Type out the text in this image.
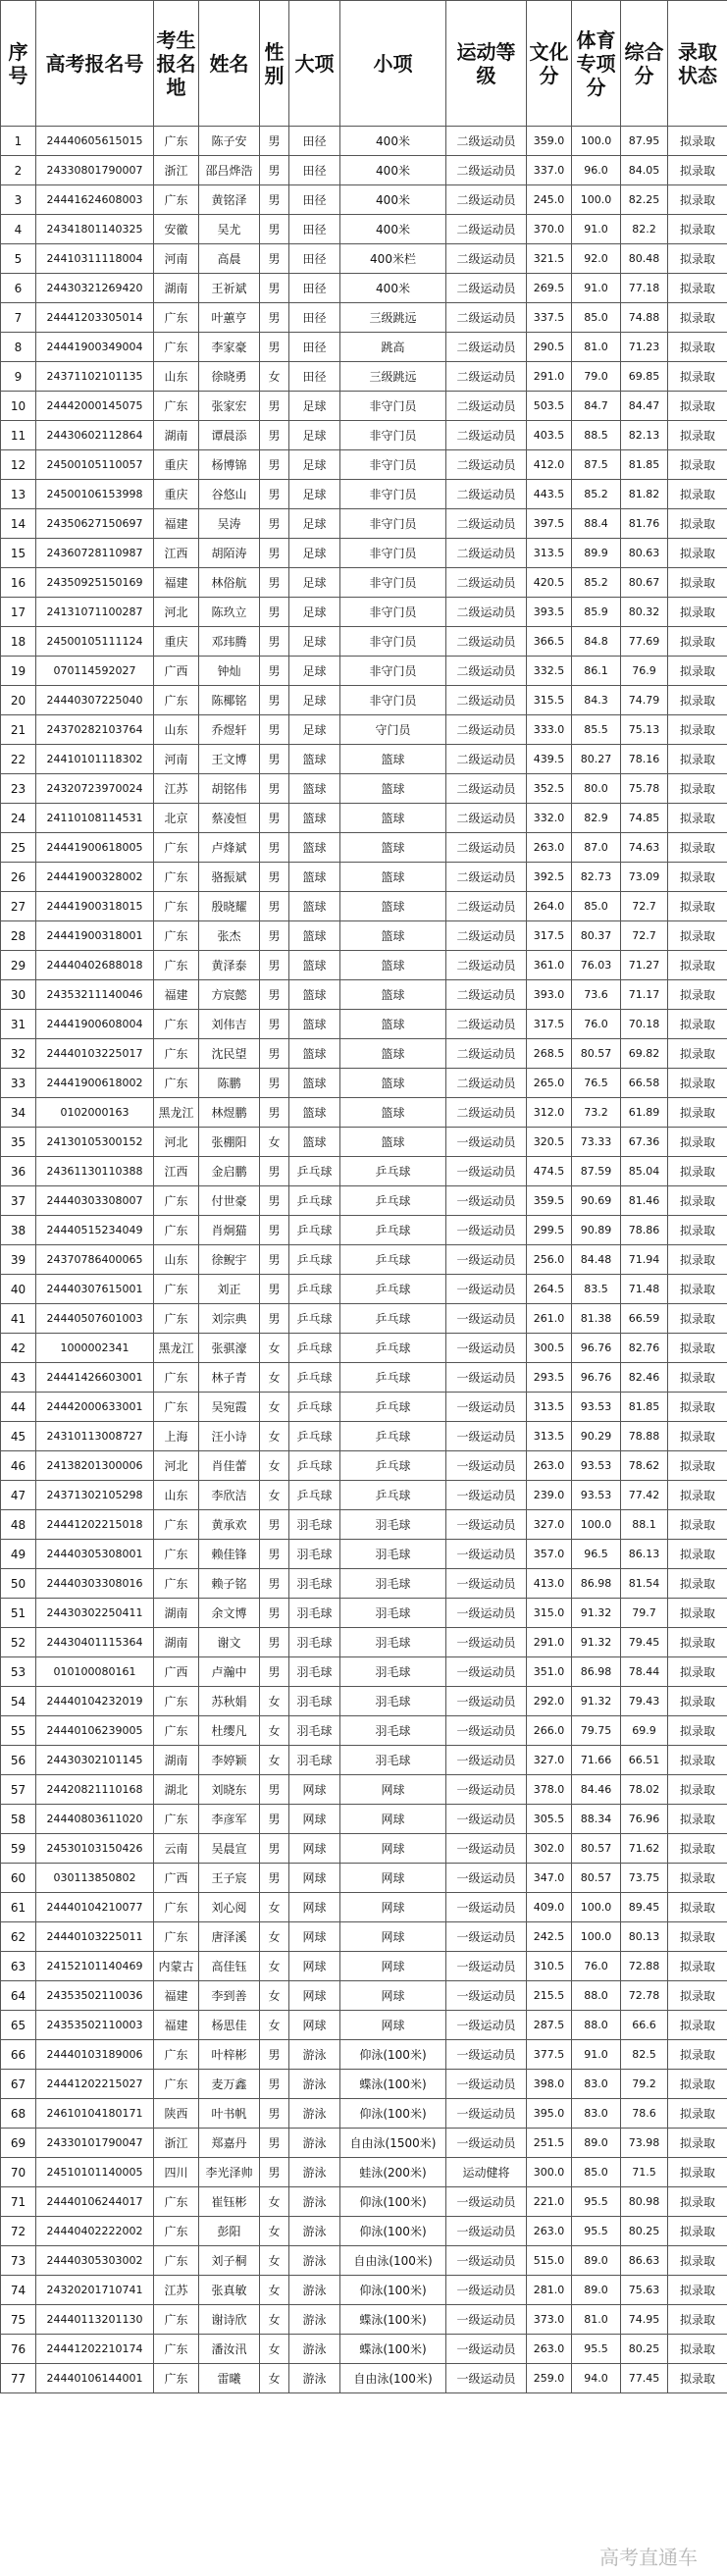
序号	高考报名号	考生报名地	姓名	性别	大项	小项	运动等级	文化分	体育专项分	综合分	录取状态
1	24440605615015	广东	陈子安	男	田径	400米	二级运动员	359.0	100.0	87.95	拟录取
2	24330801790007	浙江	邵吕烨浩	男	田径	400米	二级运动员	337.0	96.0	84.05	拟录取
3	24441624608003	广东	黄铭泽	男	田径	400米	二级运动员	245.0	100.0	82.25	拟录取
4	24341801140325	安徽	吴尤	男	田径	400米	二级运动员	370.0	91.0	82.2	拟录取
5	24410311118004	河南	高晨	男	田径	400米栏	二级运动员	321.5	92.0	80.48	拟录取
6	24430321269420	湖南	王祈斌	男	田径	400米	二级运动员	269.5	91.0	77.18	拟录取
7	24441203305014	广东	叶蕙亨	男	田径	三级跳远	二级运动员	337.5	85.0	74.88	拟录取
8	24441900349004	广东	李家豪	男	田径	跳高	二级运动员	290.5	81.0	71.23	拟录取
9	24371102101135	山东	徐晓勇	女	田径	三级跳远	二级运动员	291.0	79.0	69.85	拟录取
10	24442000145075	广东	张家宏	男	足球	非守门员	二级运动员	503.5	84.7	84.47	拟录取
11	24430602112864	湖南	谭晨添	男	足球	非守门员	二级运动员	403.5	88.5	82.13	拟录取
12	24500105110057	重庆	杨博锦	男	足球	非守门员	二级运动员	412.0	87.5	81.85	拟录取
13	24500106153998	重庆	谷悠山	男	足球	非守门员	二级运动员	443.5	85.2	81.82	拟录取
14	24350627150697	福建	吴涛	男	足球	非守门员	二级运动员	397.5	88.4	81.76	拟录取
15	24360728110987	江西	胡陌涛	男	足球	非守门员	二级运动员	313.5	89.9	80.63	拟录取
16	24350925150169	福建	林俗航	男	足球	非守门员	二级运动员	420.5	85.2	80.67	拟录取
17	24131071100287	河北	陈玖立	男	足球	非守门员	二级运动员	393.5	85.9	80.32	拟录取
18	24500105111124	重庆	邓玮腾	男	足球	非守门员	二级运动员	366.5	84.8	77.69	拟录取
19	070114592027	广西	钟灿	男	足球	非守门员	二级运动员	332.5	86.1	76.9	拟录取
20	24440307225040	广东	陈椰铭	男	足球	非守门员	二级运动员	315.5	84.3	74.79	拟录取
21	24370282103764	山东	乔煜轩	男	足球	守门员	二级运动员	333.0	85.5	75.13	拟录取
22	24410101118302	河南	王文博	男	篮球	篮球	二级运动员	439.5	80.27	78.16	拟录取
23	24320723970024	江苏	胡铭伟	男	篮球	篮球	二级运动员	352.5	80.0	75.78	拟录取
24	24110108114531	北京	蔡凌恒	男	篮球	篮球	二级运动员	332.0	82.9	74.85	拟录取
25	24441900618005	广东	卢烽斌	男	篮球	篮球	二级运动员	263.0	87.0	74.63	拟录取
26	24441900328002	广东	骆振斌	男	篮球	篮球	二级运动员	392.5	82.73	73.09	拟录取
27	24441900318015	广东	殷晓耀	男	篮球	篮球	二级运动员	264.0	85.0	72.7	拟录取
28	24441900318001	广东	张杰	男	篮球	篮球	二级运动员	317.5	80.37	72.7	拟录取
29	24440402688018	广东	黄泽泰	男	篮球	篮球	二级运动员	361.0	76.03	71.27	拟录取
30	24353211140046	福建	方宸懿	男	篮球	篮球	二级运动员	393.0	73.6	71.17	拟录取
31	24441900608004	广东	刘伟吉	男	篮球	篮球	二级运动员	317.5	76.0	70.18	拟录取
32	24440103225017	广东	沈民望	男	篮球	篮球	二级运动员	268.5	80.57	69.82	拟录取
33	24441900618002	广东	陈鹏	男	篮球	篮球	二级运动员	265.0	76.5	66.58	拟录取
34	0102000163	黑龙江	林煜鹏	男	篮球	篮球	二级运动员	312.0	73.2	61.89	拟录取
35	24130105300152	河北	张棚阳	女	篮球	篮球	一级运动员	320.5	73.33	67.36	拟录取
36	24361130110388	江西	金启鹏	男	乒乓球	乒乓球	一级运动员	474.5	87.59	85.04	拟录取
37	24440303308007	广东	付世豪	男	乒乓球	乒乓球	一级运动员	359.5	90.69	81.46	拟录取
38	24440515234049	广东	肖炯猫	男	乒乓球	乒乓球	一级运动员	299.5	90.89	78.86	拟录取
39	24370786400065	山东	徐鲵宇	男	乒乓球	乒乓球	一级运动员	256.0	84.48	71.94	拟录取
40	24440307615001	广东	刘正	男	乒乓球	乒乓球	一级运动员	264.5	83.5	71.48	拟录取
41	24440507601003	广东	刘宗典	男	乒乓球	乒乓球	一级运动员	261.0	81.38	66.59	拟录取
42	1000002341	黑龙江	张骐濠	女	乒乓球	乒乓球	一级运动员	300.5	96.76	82.76	拟录取
43	24441426603001	广东	林子青	女	乒乓球	乒乓球	一级运动员	293.5	96.76	82.46	拟录取
44	24442000633001	广东	吴宛霞	女	乒乓球	乒乓球	一级运动员	313.5	93.53	81.85	拟录取
45	24310113008727	上海	汪小诗	女	乒乓球	乒乓球	一级运动员	313.5	90.29	78.88	拟录取
46	24138201300006	河北	肖佳蕾	女	乒乓球	乒乓球	一级运动员	263.0	93.53	78.62	拟录取
47	24371302105298	山东	李欣洁	女	乒乓球	乒乓球	一级运动员	239.0	93.53	77.42	拟录取
48	24441202215018	广东	黄承欢	男	羽毛球	羽毛球	一级运动员	327.0	100.0	88.1	拟录取
49	24440305308001	广东	赖佳锋	男	羽毛球	羽毛球	一级运动员	357.0	96.5	86.13	拟录取
50	24440303308016	广东	赖子铭	男	羽毛球	羽毛球	一级运动员	413.0	86.98	81.54	拟录取
51	24430302250411	湖南	余文博	男	羽毛球	羽毛球	一级运动员	315.0	91.32	79.7	拟录取
52	24430401115364	湖南	谢文	男	羽毛球	羽毛球	一级运动员	291.0	91.32	79.45	拟录取
53	010100080161	广西	卢瀚中	男	羽毛球	羽毛球	一级运动员	351.0	86.98	78.44	拟录取
54	24440104232019	广东	苏秋娟	女	羽毛球	羽毛球	一级运动员	292.0	91.32	79.43	拟录取
55	24440106239005	广东	杜缨凡	女	羽毛球	羽毛球	一级运动员	266.0	79.75	69.9	拟录取
56	24430302101145	湖南	李婷颖	女	羽毛球	羽毛球	一级运动员	327.0	71.66	66.51	拟录取
57	24420821110168	湖北	刘晓东	男	网球	网球	一级运动员	378.0	84.46	78.02	拟录取
58	24440803611020	广东	李彦军	男	网球	网球	一级运动员	305.5	88.34	76.96	拟录取
59	24530103150426	云南	吴晨宣	男	网球	网球	一级运动员	302.0	80.57	71.62	拟录取
60	030113850802	广西	王子宸	男	网球	网球	一级运动员	347.0	80.57	73.75	拟录取
61	24440104210077	广东	刘心阅	女	网球	网球	一级运动员	409.0	100.0	89.45	拟录取
62	24440103225011	广东	唐泽溪	女	网球	网球	一级运动员	242.5	100.0	80.13	拟录取
63	24152101140469	内蒙古	高佳钰	女	网球	网球	一级运动员	310.5	76.0	72.88	拟录取
64	24353502110036	福建	李到善	女	网球	网球	一级运动员	215.5	88.0	72.78	拟录取
65	24353502110003	福建	杨思佳	女	网球	网球	一级运动员	287.5	88.0	66.6	拟录取
66	24440103189006	广东	叶梓彬	男	游泳	仰泳(100米)	一级运动员	377.5	91.0	82.5	拟录取
67	24441202215027	广东	麦万鑫	男	游泳	蝶泳(100米)	一级运动员	398.0	83.0	79.2	拟录取
68	24610104180171	陕西	叶书帆	男	游泳	仰泳(100米)	一级运动员	395.0	83.0	78.6	拟录取
69	24330101790047	浙江	郑嘉丹	男	游泳	自由泳(1500米)	一级运动员	251.5	89.0	73.98	拟录取
70	24510101140005	四川	李光泽帅	男	游泳	蛙泳(200米)	运动健将	300.0	85.0	71.5	拟录取
71	24440106244017	广东	崔钰彬	女	游泳	仰泳(100米)	一级运动员	221.0	95.5	80.98	拟录取
72	24440402222002	广东	彭阳	女	游泳	仰泳(100米)	一级运动员	263.0	95.5	80.25	拟录取
73	24440305303002	广东	刘子桐	女	游泳	自由泳(100米)	一级运动员	515.0	89.0	86.63	拟录取
74	24320201710741	江苏	张真敏	女	游泳	仰泳(100米)	一级运动员	281.0	89.0	75.63	拟录取
75	24440113201130	广东	谢诗欣	女	游泳	蝶泳(100米)	一级运动员	373.0	81.0	74.95	拟录取
76	24441202210174	广东	潘汝汛	女	游泳	蝶泳(100米)	一级运动员	263.0	95.5	80.25	拟录取
77	24440106144001	广东	雷曦	女	游泳	自由泳(100米)	一级运动员	259.0	94.0	77.45	拟录取
高考直通车
